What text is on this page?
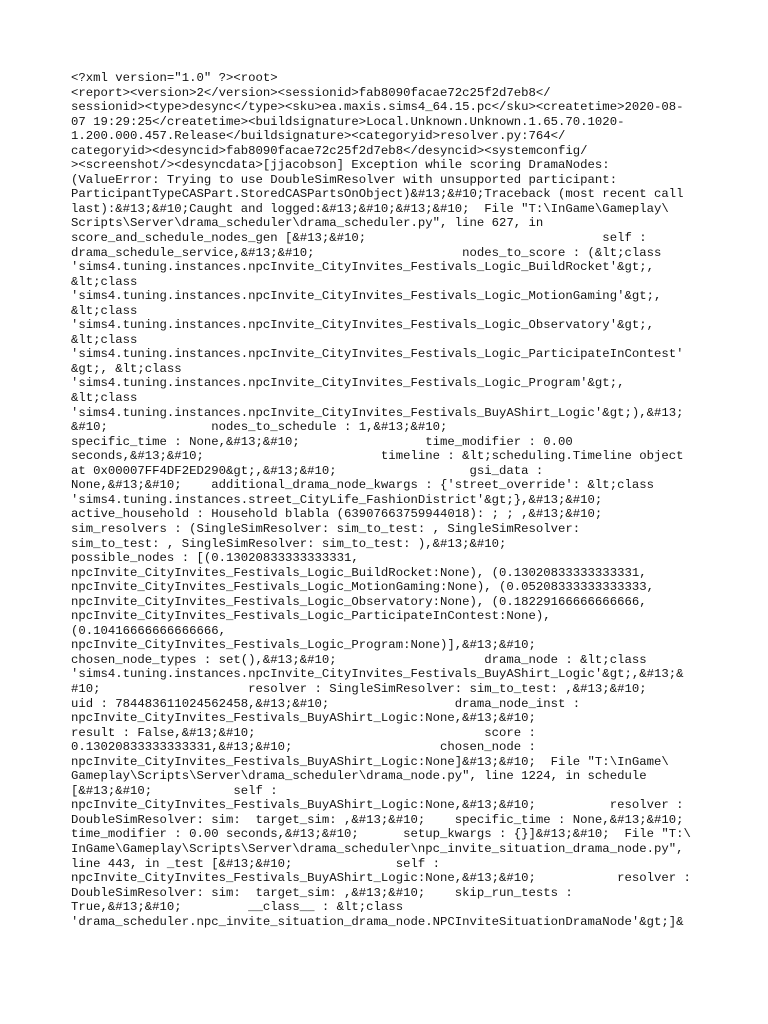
<?xml version="1.0" ?><root>
<report><version>2</version><sessionid>fab8090facae72c25f2d7eb8</
sessionid><type>desync</type><sku>ea.maxis.sims4_64.15.pc</sku><createtime>2020-08-
07 19:29:25</createtime><buildsignature>Local.Unknown.Unknown.1.65.70.1020-
1.200.000.457.Release</buildsignature><categoryid>resolver.py:764</
categoryid><desyncid>fab8090facae72c25f2d7eb8</desyncid><systemconfig/
><screenshot/><desyncdata>[jjacobson] Exception while scoring DramaNodes:
(ValueError: Trying to use DoubleSimResolver with unsupported participant:
ParticipantTypeCASPart.StoredCASPartsOnObject)&#13;&#10;Traceback (most recent call
last):&#13;&#10;Caught and logged:&#13;&#10;&#13;&#10;  File "T:\InGame\Gameplay\
Scripts\Server\drama_scheduler\drama_scheduler.py", line 627, in
score_and_schedule_nodes_gen [&#13;&#10;                                self :
drama_schedule_service,&#13;&#10;                    nodes_to_score : (&lt;class
'sims4.tuning.instances.npcInvite_CityInvites_Festivals_Logic_BuildRocket'&gt;,
&lt;class
'sims4.tuning.instances.npcInvite_CityInvites_Festivals_Logic_MotionGaming'&gt;,
&lt;class
'sims4.tuning.instances.npcInvite_CityInvites_Festivals_Logic_Observatory'&gt;,
&lt;class
'sims4.tuning.instances.npcInvite_CityInvites_Festivals_Logic_ParticipateInContest'
&gt;, &lt;class
'sims4.tuning.instances.npcInvite_CityInvites_Festivals_Logic_Program'&gt;,
&lt;class
'sims4.tuning.instances.npcInvite_CityInvites_Festivals_BuyAShirt_Logic'&gt;),&#13;
&#10;              nodes_to_schedule : 1,&#13;&#10;
specific_time : None,&#13;&#10;                 time_modifier : 0.00
seconds,&#13;&#10;                        timeline : &lt;scheduling.Timeline object
at 0x00007FF4DF2ED290&gt;,&#13;&#10;                  gsi_data :
None,&#13;&#10;    additional_drama_node_kwargs : {'street_override': &lt;class
'sims4.tuning.instances.street_CityLife_FashionDistrict'&gt;},&#13;&#10;
active_household : Household blabla (63907663759944018): ; ; ,&#13;&#10;
sim_resolvers : (SingleSimResolver: sim_to_test: , SingleSimResolver:
sim_to_test: , SingleSimResolver: sim_to_test: ),&#13;&#10;
possible_nodes : [(0.13020833333333331,
npcInvite_CityInvites_Festivals_Logic_BuildRocket:None), (0.13020833333333331,
npcInvite_CityInvites_Festivals_Logic_MotionGaming:None), (0.05208333333333333,
npcInvite_CityInvites_Festivals_Logic_Observatory:None), (0.18229166666666666,
npcInvite_CityInvites_Festivals_Logic_ParticipateInContest:None),
(0.10416666666666666,
npcInvite_CityInvites_Festivals_Logic_Program:None)],&#13;&#10;
chosen_node_types : set(),&#13;&#10;                    drama_node : &lt;class
'sims4.tuning.instances.npcInvite_CityInvites_Festivals_BuyAShirt_Logic'&gt;,&#13;&
#10;                    resolver : SingleSimResolver: sim_to_test: ,&#13;&#10;
uid : 784483611024562458,&#13;&#10;                 drama_node_inst :
npcInvite_CityInvites_Festivals_BuyAShirt_Logic:None,&#13;&#10;
result : False,&#13;&#10;                               score :
0.13020833333333331,&#13;&#10;                    chosen_node :
npcInvite_CityInvites_Festivals_BuyAShirt_Logic:None]&#13;&#10;  File "T:\InGame\
Gameplay\Scripts\Server\drama_scheduler\drama_node.py", line 1224, in schedule
[&#13;&#10;           self :
npcInvite_CityInvites_Festivals_BuyAShirt_Logic:None,&#13;&#10;          resolver :
DoubleSimResolver: sim:  target_sim: ,&#13;&#10;    specific_time : None,&#13;&#10;
time_modifier : 0.00 seconds,&#13;&#10;      setup_kwargs : {}]&#13;&#10;  File "T:\
InGame\Gameplay\Scripts\Server\drama_scheduler\npc_invite_situation_drama_node.py",
line 443, in _test [&#13;&#10;              self :
npcInvite_CityInvites_Festivals_BuyAShirt_Logic:None,&#13;&#10;           resolver :
DoubleSimResolver: sim:  target_sim: ,&#13;&#10;    skip_run_tests :
True,&#13;&#10;         __class__ : &lt;class
'drama_scheduler.npc_invite_situation_drama_node.NPCInviteSituationDramaNode'&gt;]&
